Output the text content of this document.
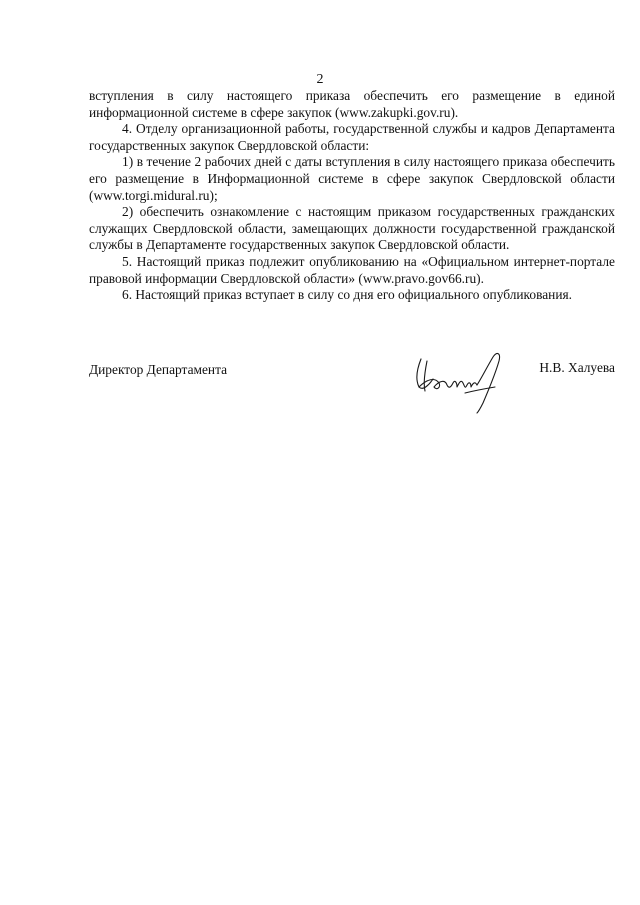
2

вступления в силу настоящего приказа обеспечить его размещение в единой информационной системе в сфере закупок (www.zakupki.gov.ru).

4. Отделу организационной работы, государственной службы и кадров Департамента государственных закупок Свердловской области:

1) в течение 2 рабочих дней с даты вступления в силу настоящего приказа обеспечить его размещение в Информационной системе в сфере закупок Свердловской области (www.torgi.midural.ru);

2) обеспечить ознакомление с настоящим приказом государственных гражданских служащих Свердловской области, замещающих должности государственной гражданской службы в Департаменте государственных закупок Свердловской области.

5. Настоящий приказ подлежит опубликованию на «Официальном интернет-портале правовой информации Свердловской области» (www.pravo.gov66.ru).

6. Настоящий приказ вступает в силу со дня его официального опубликования.

Директор Департамента	Н.В. Халуева
